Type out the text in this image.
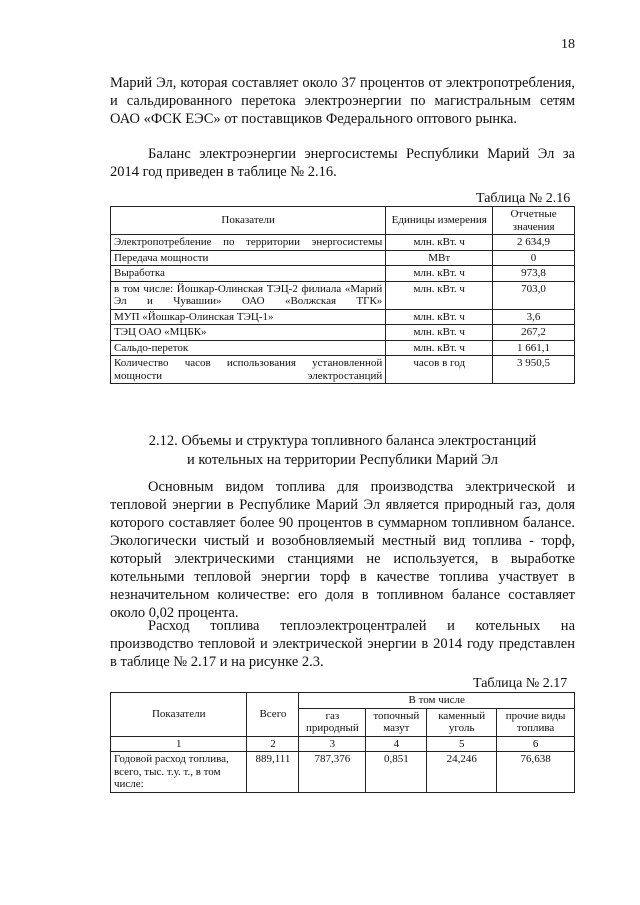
18

Марий Эл, которая составляет около 37 процентов от электропотребления, и сальдированного перетока электроэнергии по магистральным сетям ОАО «ФСК ЕЭС» от поставщиков Федерального оптового рынка.

Баланс электроэнергии энергосистемы Республики Марий Эл за 2014 год приведен в таблице № 2.16.

Таблица № 2.16
Показатели	Единицы измерения	Отчетные значения
Электропотребление по территории энергосистемы	млн. кВт. ч	2 634,9
Передача мощности	МВт	0
Выработка	млн. кВт. ч	973,8
в том числе: Йошкар-Олинская ТЭЦ-2 филиала «Марий Эл и Чувашии» ОАО «Волжская ТГК»	млн. кВт. ч	703,0
МУП «Йошкар-Олинская ТЭЦ-1»	млн. кВт. ч	3,6
ТЭЦ ОАО «МЦБК»	млн. кВт. ч	267,2
Сальдо-переток	млн. кВт. ч	1 661,1
Количество часов использования установленной мощности электростанций	часов в год	3 950,5
2.12. Объемы и структура топливного баланса электростанций
и котельных на территории Республики Марий Эл

Основным видом топлива для производства электрической и тепловой энергии в Республике Марий Эл является природный газ, доля которого составляет более 90 процентов в суммарном топливном балансе. Экологически чистый и возобновляемый местный вид топлива - торф, который электрическими станциями не используется, в выработке котельными тепловой энергии торф в качестве топлива участвует в незначительном количестве: его доля в топливном балансе составляет около 0,02 процента.

Расход топлива теплоэлектроцентралей и котельных на производство тепловой и электрической энергии в 2014 году представлен в таблице № 2.17 и на рисунке 2.3.

Таблица № 2.17
Показатели	Всего	В том числе			
		газ природный	топочный мазут	каменный уголь	прочие виды топлива
1	2	3	4	5	6
Годовой расход топлива, всего, тыс. т.у. т., в том числе:	889,111	787,376	0,851	24,246	76,638
